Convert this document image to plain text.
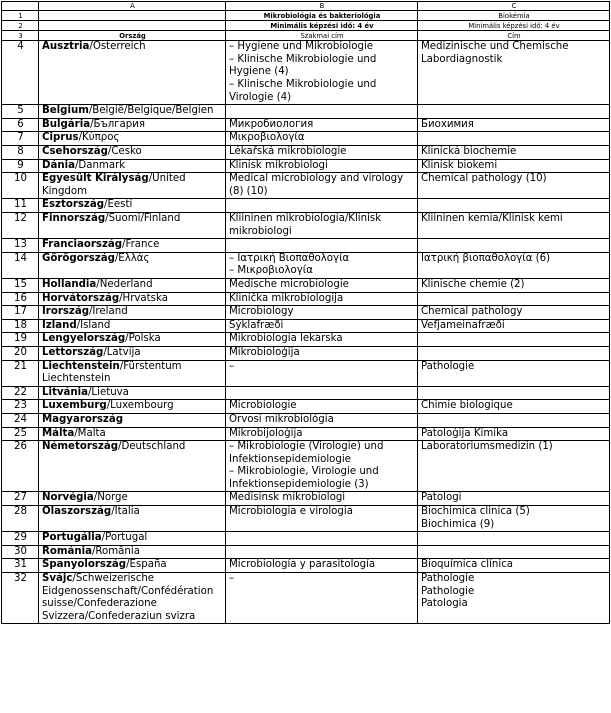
	A	B	C
1		Mikrobiológia és bakteriológia	Biokémia
2		Minimális képzési idő: 4 év	Minimális képzési idő: 4 év
3	Ország	Szakmai cím	Cím
4	Ausztria/Österreich	– Hygiene und Mikrobiologie
– Klinische Mikrobiologie und Hygiene (4)
– Klinische Mikrobiologie und Virologie (4)	Medizinische und Chemische Labordiagnostik

5	Belgium/België/Belgique/Belgien		
6	Bulgária/България	Микробиология	Биохимия

7	Ciprus/Κύπρος	Μικροβιολογία	

8	Csehország/Česko	Lékařská mikrobiologie	Klinická biochemie

9	Dánia/Danmark	Klinisk mikrobiologi	Klinisk biokemi

10	Egyesült Királyság/United Kingdom	Medical microbiology and virology (8) (10)	Chemical pathology (10)

11	Észtország/Eesti		
12	Finnország/Suomi/Finland	Kliininen mikrobiologia/Klinisk mikrobiologi	Kliininen kemia/Klinisk kemi

13	Franciaország/France		
14	Görögország/Ελλάς	– Ιατρική Βιοπαθολογία
– Μικροβιολογία	Ιατρική βιοπαθολογία (6)

15	Hollandia/Nederland	Medische microbiologie	Klinische chemie (2)

16	Horvátország/Hrvatska	Klinička mikrobiologija	

17	Írország/Ireland	Microbiology	Chemical pathology

18	Izland/Ísland	Sýklafræði	Vefjameinafræði

19	Lengyelország/Polska	Mikrobiologia lekarska	

20	Lettország/Latvija	Mikrobioloģija	

21	Liechtenstein/Fürstentum Liechtenstein	–	Pathologie

22	Litvánia/Lietuva		
23	Luxemburg/Luxembourg	Microbiologie	Chimie biologique

24	Magyarország	Orvosi mikrobiológia	

25	Málta/Malta	Mikrobijoloġija	Patoloġija Kimika

26	Németország/Deutschland	– Mikrobiologie (Virologie) und Infektionsepidemiologie
– Mikrobiologie, Virologie und Infektionsepidemiologie (3)	Laboratoriumsmedizin (1)

27	Norvégia/Norge	Medisinsk mikrobiologi	Patologi

28	Olaszország/Italia	Microbiologia e virologia	Biochimica clinica (5)
Biochimica (9)

29	Portugália/Portugal		
30	Románia/România		
31	Spanyolország/España	Microbiología y parasitología	Bioquímica clínica

32	Svájc/Schweizerische Eidgenossenschaft/Confédération suisse/Confederazione Svizzera/Confederaziun svizra	–	Pathologie
Pathologie
Patologia
